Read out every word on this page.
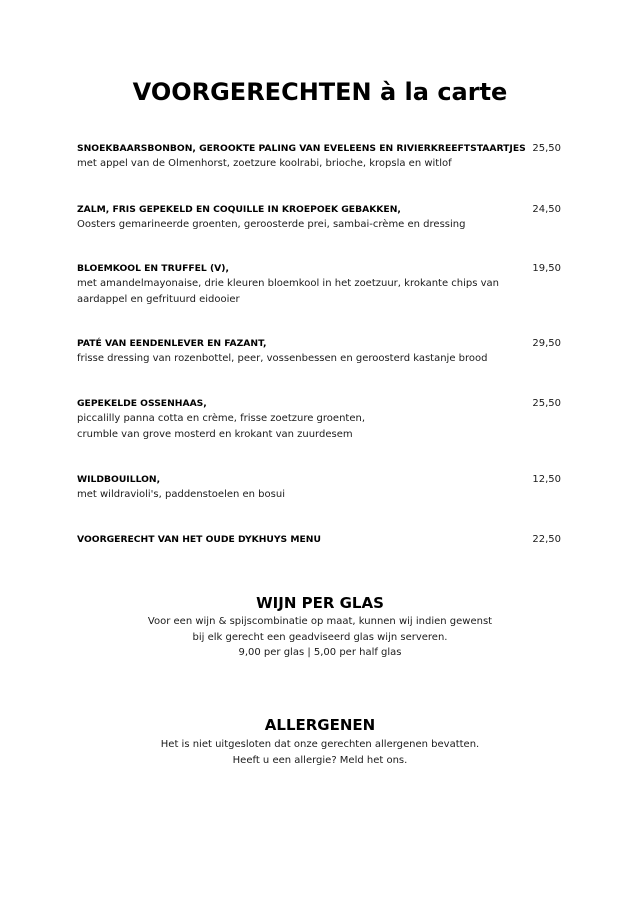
VOORGERECHTEN à la carte
SNOEKBAARSBONBON, GEROOKTE PALING VAN EVELEENS EN RIVIERKREEFTSTAARTJES
met appel van de Olmenhorst, zoetzure koolrabi, brioche, kropsla en witlof
25,50
ZALM, FRIS GEPEKELD EN COQUILLE IN KROEPOEK GEBAKKEN,
Oosters gemarineerde groenten, geroosterde prei, sambai-crème en dressing
24,50
BLOEMKOOL EN TRUFFEL (V),
met amandelmayonaise, drie kleuren bloemkool in het zoetzuur, krokante chips van
aardappel en gefrituurd eidooier
19,50
PATÉ VAN EENDENLEVER EN FAZANT,
frisse dressing van rozenbottel, peer, vossenbessen en geroosterd kastanje brood
29,50
GEPEKELDE OSSENHAAS,
piccalilly panna cotta en crème, frisse zoetzure groenten,
crumble van grove mosterd en krokant van zuurdesem
25,50
WILDBOUILLON,
met wildravioli's, paddenstoelen en bosui
12,50
VOORGERECHT VAN HET OUDE DYKHUYS MENU	22,50
WIJN PER GLAS
Voor een wijn & spijscombinatie op maat, kunnen wij indien gewenst
bij elk gerecht een geadviseerd glas wijn serveren.
9,00 per glas | 5,00 per half glas
ALLERGENEN
Het is niet uitgesloten dat onze gerechten allergenen bevatten.
Heeft u een allergie? Meld het ons.
